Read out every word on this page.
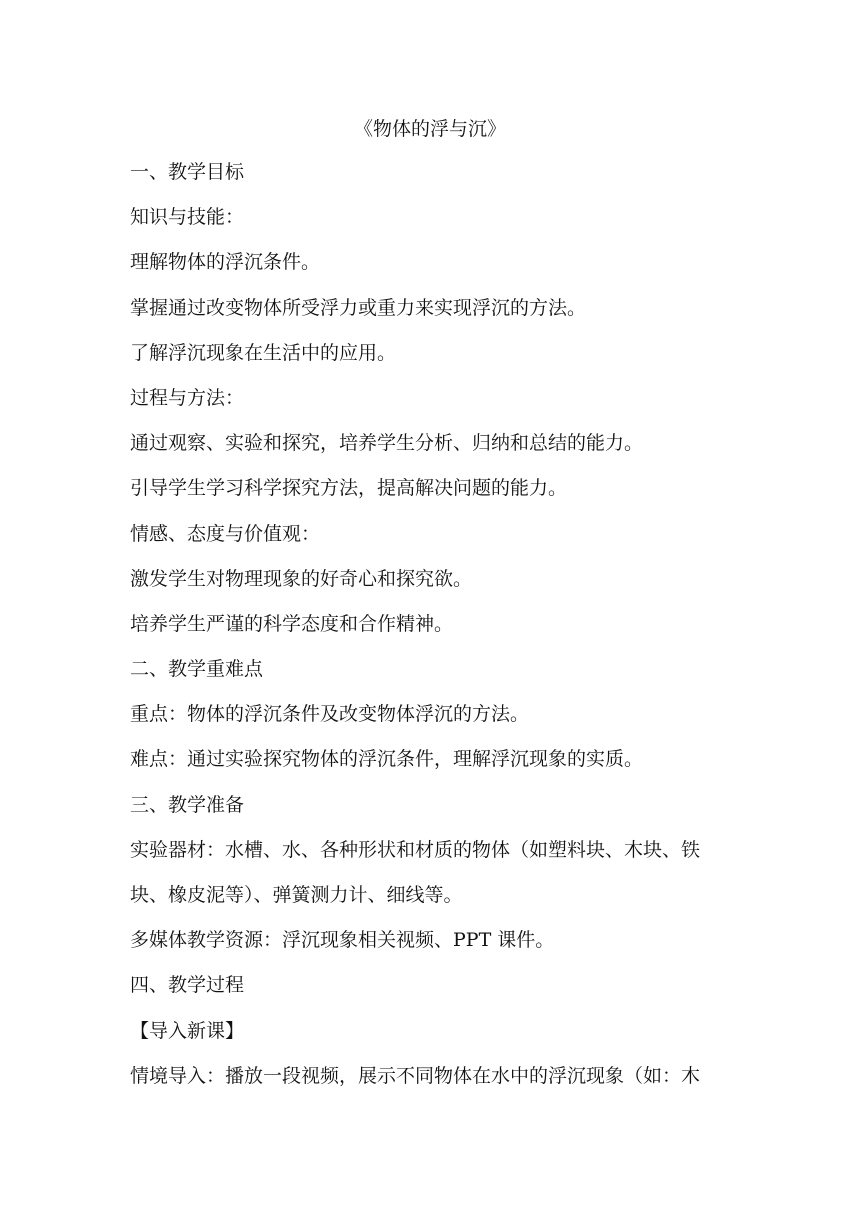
《物体的浮与沉》
一、教学目标
知识与技能：
理解物体的浮沉条件。
掌握通过改变物体所受浮力或重力来实现浮沉的方法。
了解浮沉现象在生活中的应用。
过程与方法：
通过观察、实验和探究，培养学生分析、归纳和总结的能力。
引导学生学习科学探究方法，提高解决问题的能力。
情感、态度与价值观：
激发学生对物理现象的好奇心和探究欲。
培养学生严谨的科学态度和合作精神。
二、教学重难点
重点：物体的浮沉条件及改变物体浮沉的方法。
难点：通过实验探究物体的浮沉条件，理解浮沉现象的实质。
三、教学准备
实验器材：水槽、水、各种形状和材质的物体（如塑料块、木块、铁
块、橡皮泥等）、弹簧测力计、细线等。
多媒体教学资源：浮沉现象相关视频、PPT 课件。
四、教学过程
【导入新课】
情境导入：播放一段视频，展示不同物体在水中的浮沉现象（如：木
